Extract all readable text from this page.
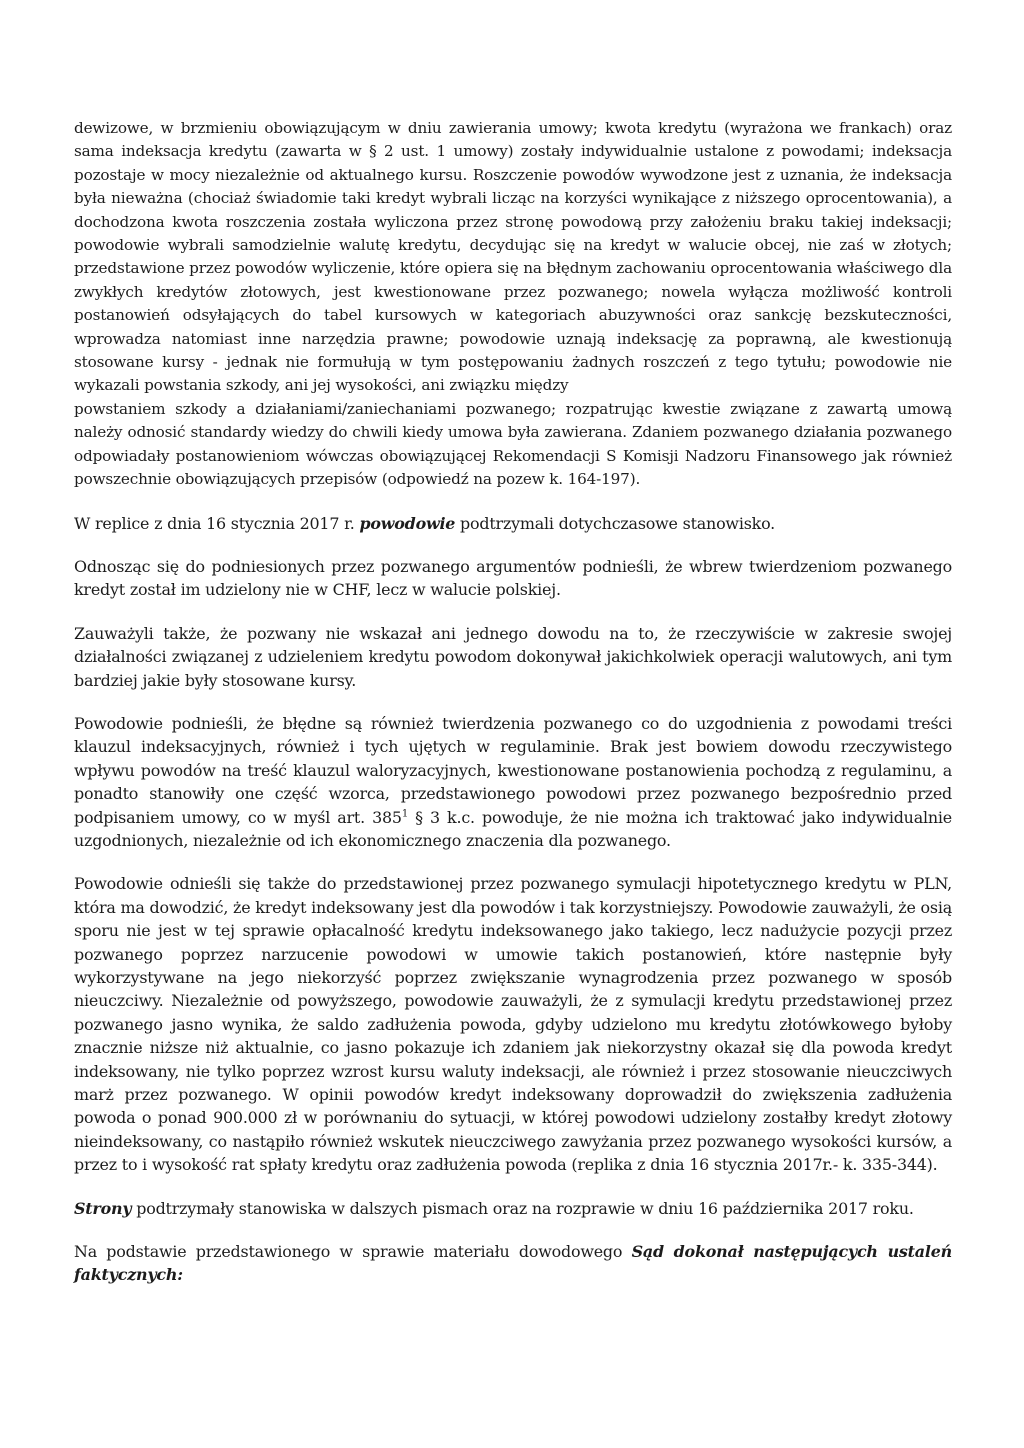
dewizowe, w brzmieniu obowiązującym w dniu zawierania umowy; kwota kredytu (wyrażona we frankach) oraz sama indeksacja kredytu (zawarta w § 2 ust. 1 umowy) zostały indywidualnie ustalone z powodami; indeksacja pozostaje w mocy niezależnie od aktualnego kursu. Roszczenie powodów wywodzone jest z uznania, że indeksacja była nieważna (chociaż świadomie taki kredyt wybrali licząc na korzyści wynikające z niższego oprocentowania), a dochodzona kwota roszczenia została wyliczona przez stronę powodową przy założeniu braku takiej indeksacji; powodowie wybrali samodzielnie walutę kredytu, decydując się na kredyt w walucie obcej, nie zaś w złotych; przedstawione przez powodów wyliczenie, które opiera się na błędnym zachowaniu oprocentowania właściwego dla zwykłych kredytów złotowych, jest kwestionowane przez pozwanego; nowela wyłącza możliwość kontroli postanowień odsyłających do tabel kursowych w kategoriach abuzywności oraz sankcję bezskuteczności, wprowadza natomiast inne narzędzia prawne; powodowie uznają indeksację za poprawną, ale kwestionują stosowane kursy - jednak nie formułują w tym postępowaniu żadnych roszczeń z tego tytułu; powodowie nie wykazali powstania szkody, ani jej wysokości, ani związku między

powstaniem szkody a działaniami/zaniechaniami pozwanego; rozpatrując kwestie związane z zawartą umową należy odnosić standardy wiedzy do chwili kiedy umowa była zawierana. Zdaniem pozwanego działania pozwanego odpowiadały postanowieniom wówczas obowiązującej Rekomendacji S Komisji Nadzoru Finansowego jak również powszechnie obowiązujących przepisów (odpowiedź na pozew k. 164-197).

W replice z dnia 16 stycznia 2017 r. powodowie podtrzymali dotychczasowe stanowisko.

Odnosząc się do podniesionych przez pozwanego argumentów podnieśli, że wbrew twierdzeniom pozwanego kredyt został im udzielony nie w CHF, lecz w walucie polskiej.

Zauważyli także, że pozwany nie wskazał ani jednego dowodu na to, że rzeczywiście w zakresie swojej działalności związanej z udzieleniem kredytu powodom dokonywał jakichkolwiek operacji walutowych, ani tym bardziej jakie były stosowane kursy.

Powodowie podnieśli, że błędne są również twierdzenia pozwanego co do uzgodnienia z powodami treści klauzul indeksacyjnych, również i tych ujętych w regulaminie. Brak jest bowiem dowodu rzeczywistego wpływu powodów na treść klauzul waloryzacyjnych, kwestionowane postanowienia pochodzą z regulaminu, a ponadto stanowiły one część wzorca, przedstawionego powodowi przez pozwanego bezpośrednio przed podpisaniem umowy, co w myśl art. $385^1$ § 3 k.c. powoduje, że nie można ich traktować jako indywidualnie uzgodnionych, niezależnie od ich ekonomicznego znaczenia dla pozwanego.

Powodowie odnieśli się także do przedstawionej przez pozwanego symulacji hipotetycznego kredytu w PLN, która ma dowodzić, że kredyt indeksowany jest dla powodów i tak korzystniejszy. Powodowie zauważyli, że osią sporu nie jest w tej sprawie opłacalność kredytu indeksowanego jako takiego, lecz nadużycie pozycji przez pozwanego poprzez narzucenie powodowi w umowie takich postanowień, które następnie były wykorzystywane na jego niekorzyść poprzez zwiększanie wynagrodzenia przez pozwanego w sposób nieuczciwy. Niezależnie od powyższego, powodowie zauważyli, że z symulacji kredytu przedstawionej przez pozwanego jasno wynika, że saldo zadłużenia powoda, gdyby udzielono mu kredytu złotówkowego byłoby znacznie niższe niż aktualnie, co jasno pokazuje ich zdaniem jak niekorzystny okazał się dla powoda kredyt indeksowany, nie tylko poprzez wzrost kursu waluty indeksacji, ale również i przez stosowanie nieuczciwych marż przez pozwanego. W opinii powodów kredyt indeksowany doprowadził do zwiększenia zadłużenia powoda o ponad 900.000 zł w porównaniu do sytuacji, w której powodowi udzielony zostałby kredyt złotowy nieindeksowany, co nastąpiło również wskutek nieuczciwego zawyżania przez pozwanego wysokości kursów, a przez to i wysokość rat spłaty kredytu oraz zadłużenia powoda (replika z dnia 16 stycznia 2017r.- k. 335-344).

Strony podtrzymały stanowiska w dalszych pismach oraz na rozprawie w dniu 16 października 2017 roku.

Na podstawie przedstawionego w sprawie materiału dowodowego Sąd dokonał następujących ustaleń faktycznych:
